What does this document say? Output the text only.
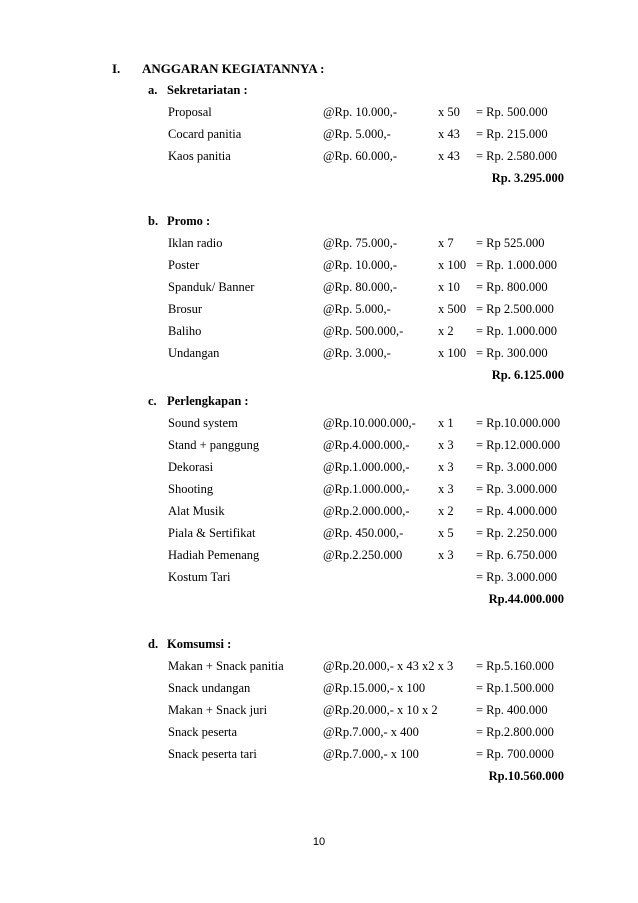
I. ANGGARAN KEGIATANNYA :
a. Sekretariatan :
Proposal	@Rp. 10.000,-	x 50 = Rp. 500.000
Cocard panitia	@Rp. 5.000,-	x 43 = Rp. 215.000
Kaos panitia	@Rp. 60.000,-	x 43 = Rp. 2.580.000
Rp. 3.295.000
b. Promo :
Iklan radio	@Rp. 75.000,-	x 7 = Rp 525.000
Poster	@Rp. 10.000,-	x 100 = Rp. 1.000.000
Spanduk/ Banner	@Rp. 80.000,-	x 10 = Rp. 800.000
Brosur	@Rp. 5.000,-	x 500 = Rp 2.500.000
Baliho	@Rp. 500.000,-	x 2 = Rp. 1.000.000
Undangan	@Rp. 3.000,-	x 100 = Rp. 300.000
Rp. 6.125.000
c. Perlengkapan :
Sound system	@Rp.10.000.000,- x 1 = Rp.10.000.000
Stand + panggung	@Rp.4.000.000,- x 3 = Rp.12.000.000
Dekorasi	@Rp.1.000.000,- x 3 = Rp. 3.000.000
Shooting	@Rp.1.000.000,- x 3 = Rp. 3.000.000
Alat Musik	@Rp.2.000.000,- x 2 = Rp. 4.000.000
Piala & Sertifikat	@Rp. 450.000,-	x 5 = Rp. 2.250.000
Hadiah Pemenang	@Rp.2.250.000	x 3 = Rp. 6.750.000
Kostum Tari	= Rp. 3.000.000
Rp.44.000.000
d. Komsumsi :
Makan + Snack panitia	@Rp.20.000,- x 43 x2 x 3 = Rp.5.160.000
Snack undangan	@Rp.15.000,- x 100	= Rp.1.500.000
Makan + Snack juri	@Rp.20.000,- x 10 x 2	= Rp. 400.000
Snack peserta	@Rp.7.000,- x 400	= Rp.2.800.000
Snack peserta tari	@Rp.7.000,- x 100	= Rp. 700.0000
Rp.10.560.000
10
